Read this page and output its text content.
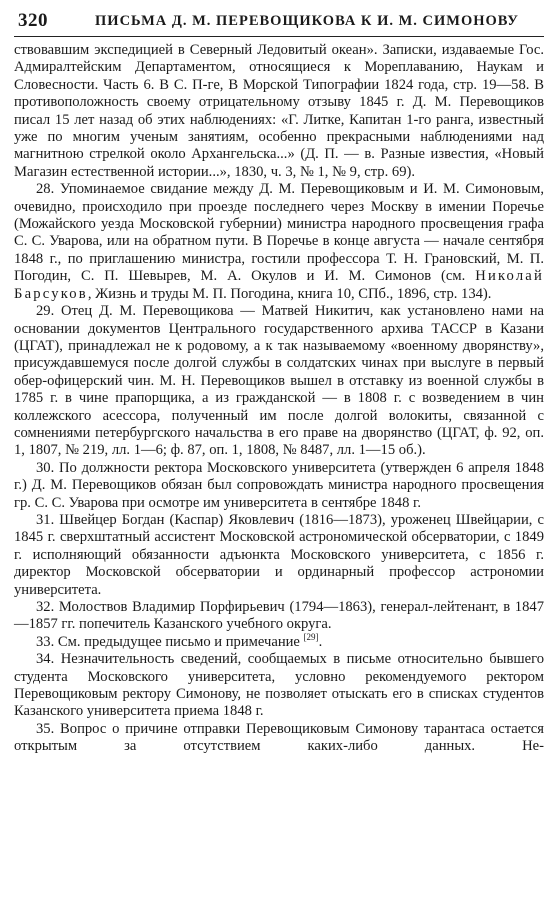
320	ПИСЬМА Д. М. ПЕРЕВОЩИКОВА К И. М. СИМОНОВУ

ствовавшим экспедицией в Северный Ледовитый океан». Записки, издаваемые Гос. Адмиралтейским Департаментом, относящиеся к Мореплаванию, Наукам и Словесности. Часть 6. В С. П-ге, В Морской Типографии 1824 года, стр. 19—58. В противоположность своему отрицательному отзыву 1845 г. Д. М. Перевощиков писал 15 лет назад об этих наблюдениях: «Г. Литке, Капитан 1-го ранга, известный уже по многим ученым занятиям, особенно прекрасными наблюдениями над магнитною стрелкой около Архангельска...» (Д. П. — в. Разные известия, «Новый Магазин естественной истории...», 1830, ч. 3, № 1, № 9, стр. 69).

28. Упоминаемое свидание между Д. М. Перевощиковым и И. М. Симоновым, очевидно, происходило при проезде последнего через Москву в имении Поречье (Можайского уезда Московской губернии) министра народного просвещения графа С. С. Уварова, или на обратном пути. В Поречье в конце августа — начале сентября 1848 г., по приглашению министра, гостили профессора Т. Н. Грановский, М. П. Погодин, С. П. Шевырев, М. А. Окулов и И. М. Симонов (см. Николай Барсуков, Жизнь и труды М. П. Погодина, книга 10, СПб., 1896, стр. 134).

29. Отец Д. М. Перевощикова — Матвей Никитич, как установлено нами на основании документов Центрального государственного архива ТАССР в Казани (ЦГАТ), принадлежал не к родовому, а к так называемому «военному дворянству», присуждавшемуся после долгой службы в солдатских чинах при выслуге в первый обер-офицерский чин. М. Н. Перевощиков вышел в отставку из военной службы в 1785 г. в чине прапорщика, а из гражданской — в 1808 г. с возведением в чин коллежского асессора, полученный им после долгой волокиты, связанной с сомнениями петербургского начальства в его праве на дворянство (ЦГАТ, ф. 92, оп. 1, 1807, № 219, лл. 1—6; ф. 87, оп. 1, 1808, № 8487, лл. 1—15 об.).

30. По должности ректора Московского университета (утвержден 6 апреля 1848 г.) Д. М. Перевощиков обязан был сопровождать министра народного просвещения гр. С. С. Уварова при осмотре им университета в сентябре 1848 г.

31. Швейцер Богдан (Каспар) Яковлевич (1816—1873), уроженец Швейцарии, с 1845 г. сверхштатный ассистент Московской астрономической обсерватории, с 1849 г. исполняющий обязанности адъюнкта Московского университета, с 1856 г. директор Московской обсерватории и ординарный профессор астрономии университета.

32. Молоствов Владимир Порфирьевич (1794—1863), генерал-лейтенант, в 1847—1857 гг. попечитель Казанского учебного округа.

33. См. предыдущее письмо и примечание [29].

34. Незначительность сведений, сообщаемых в письме относительно бывшего студента Московского университета, условно рекомендуемого ректором Перевощиковым ректору Симонову, не позволяет отыскать его в списках студентов Казанского университета приема 1848 г.

35. Вопрос о причине отправки Перевощиковым Симонову тарантаса остается открытым за отсутствием каких-либо данных. Не-
